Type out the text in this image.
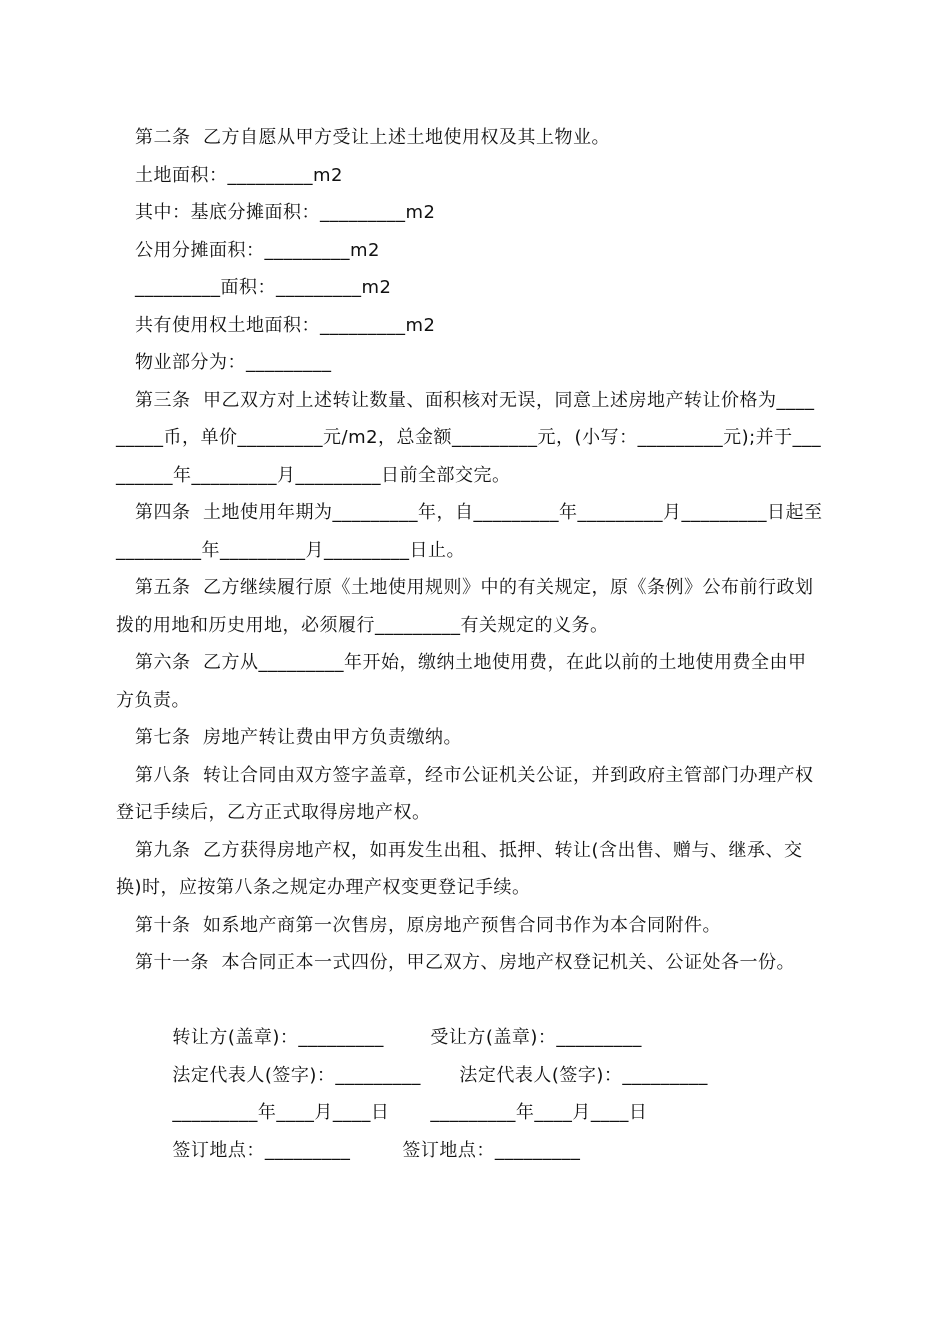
第二条  乙方自愿从甲方受让上述土地使用权及其上物业。
土地面积：_________m2
其中：基底分摊面积：_________m2
公用分摊面积：_________m2
_________面积：_________m2
共有使用权土地面积：_________m2
物业部分为：_________
第三条  甲乙双方对上述转让数量、面积核对无误，同意上述房地产转让价格为____
_____币，单价_________元/m2，总金额_________元，(小写：_________元);并于___
______年_________月_________日前全部交完。
第四条  土地使用年期为_________年，自_________年_________月_________日起至
_________年_________月_________日止。
第五条  乙方继续履行原《土地使用规则》中的有关规定，原《条例》公布前行政划
拨的用地和历史用地，必须履行_________有关规定的义务。
第六条  乙方从_________年开始，缴纳土地使用费，在此以前的土地使用费全由甲
方负责。
第七条  房地产转让费由甲方负责缴纳。
第八条  转让合同由双方签字盖章，经市公证机关公证，并到政府主管部门办理产权
登记手续后，乙方正式取得房地产权。
第九条  乙方获得房地产权，如再发生出租、抵押、转让(含出售、赠与、继承、交
换)时，应按第八条之规定办理产权变更登记手续。
第十条  如系地产商第一次售房，原房地产预售合同书作为本合同附件。
第十一条  本合同正本一式四份，甲乙双方、房地产权登记机关、公证处各一份。

转让方(盖章)：_________	受让方(盖章)：_________

法定代表人(签字)：_________ 法定代表人(签字)：_________

_________年____月____日 _________年____月____日

签订地点：_________	签订地点：_________
